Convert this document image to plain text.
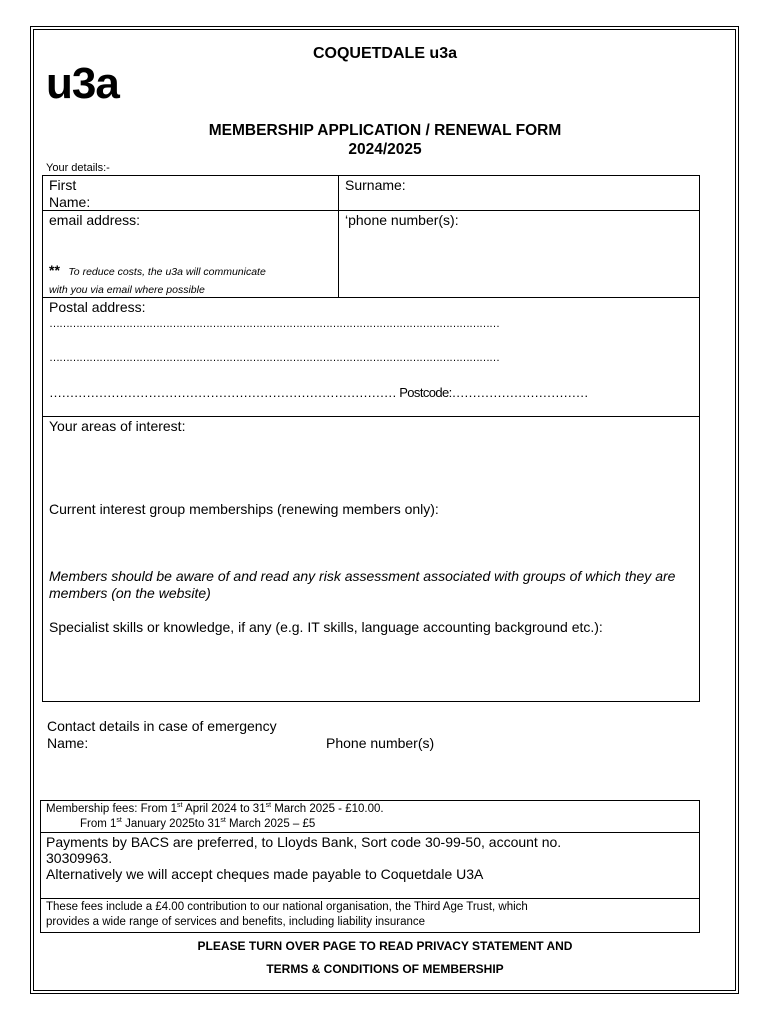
COQUETDALE u3a
u3a
MEMBERSHIP APPLICATION / RENEWAL FORM
2024/2025
Your details:-
First
Name:
Surname:
email address:	‘phone number(s):
** To reduce costs, the u3a will communicate
with you via email where possible
Postal address:
………………………………………………………………………………………………………………………
………………………………………………………………………………………………………………………
………………………………………………………………………… Postcode:……………………………
Your areas of interest:
Current interest group memberships (renewing members only):
Members should be aware of and read any risk assessment associated with groups of which they are members (on the website)
Specialist skills or knowledge, if any (e.g. IT skills, language accounting background etc.):
Contact details in case of emergency
Name:	Phone number(s)
Membership fees: From 1st April 2024 to 31st March 2025 - £10.00.
From 1st January 2025to 31st March 2025 – £5
Payments by BACS are preferred, to Lloyds Bank, Sort code 30-99-50, account no.
30309963.
Alternatively we will accept cheques made payable to Coquetdale U3A
These fees include a £4.00 contribution to our national organisation, the Third Age Trust, which
provides a wide range of services and benefits, including liability insurance
PLEASE TURN OVER PAGE TO READ PRIVACY STATEMENT AND
TERMS & CONDITIONS OF MEMBERSHIP
